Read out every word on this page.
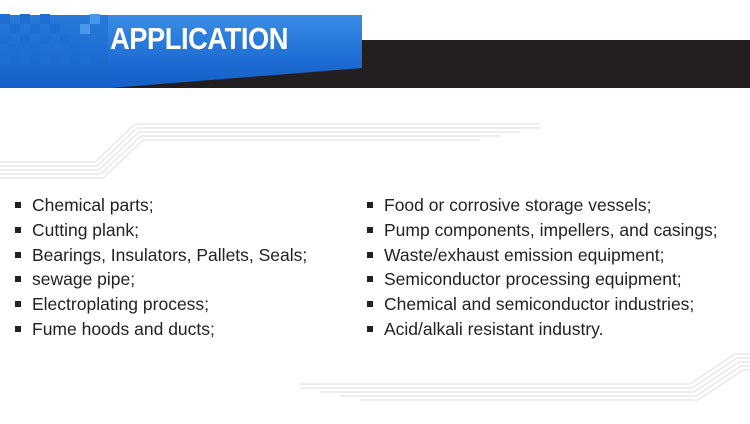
APPLICATION
Chemical parts;
Cutting plank;
Bearings, Insulators, Pallets, Seals;
sewage pipe;
Electroplating process;
Fume hoods and ducts;
Food or corrosive storage vessels;
Pump components, impellers, and casings;
Waste/exhaust emission equipment;
Semiconductor processing equipment;
Chemical and semiconductor industries;
Acid/alkali resistant industry.
